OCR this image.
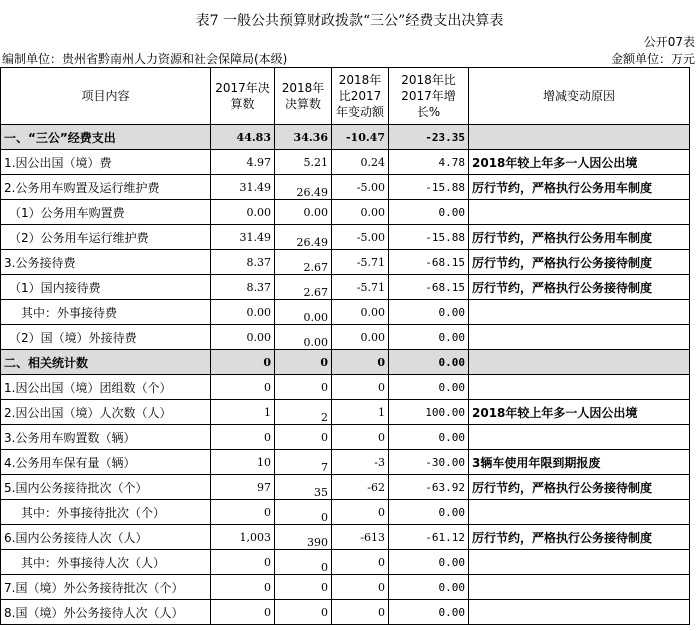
表7 一般公共预算财政拨款“三公”经费支出决算表
公开07表
编制单位：贵州省黔南州人力资源和社会保障局(本级)	金额单位：万元
项目内容	2017年决算数	2018年决算数	2018年比2017年变动额	2018年比2017年增长%	增减变动原因
一、“三公”经费支出	44.83	34.36	-10.47	-23.35	
1.因公出国（境）费	4.97	5.21	0.24	4.78	2018年较上年多一人因公出境
2.公务用车购置及运行维护费	31.49	26.49	-5.00	-15.88	厉行节约，严格执行公务用车制度
（1）公务用车购置费	0.00	0.00	0.00	0.00	
（2）公务用车运行维护费	31.49	26.49	-5.00	-15.88	厉行节约，严格执行公务用车制度
3.公务接待费	8.37	2.67	-5.71	-68.15	厉行节约，严格执行公务接待制度
（1）国内接待费	8.37	2.67	-5.71	-68.15	厉行节约，严格执行公务接待制度
其中：外事接待费	0.00	0.00	0.00	0.00	
（2）国（境）外接待费	0.00	0.00	0.00	0.00	
二、相关统计数	0	0	0	0.00	
1.因公出国（境）团组数（个）	0	0	0	0.00	
2.因公出国（境）人次数（人）	1	2	1	100.00	2018年较上年多一人因公出境
3.公务用车购置数（辆）	0	0	0	0.00	
4.公务用车保有量（辆）	10	7	-3	-30.00	3辆车使用年限到期报废
5.国内公务接待批次（个）	97	35	-62	-63.92	厉行节约，严格执行公务接待制度
其中：外事接待批次（个）	0	0	0	0.00	
6.国内公务接待人次（人）	1,003	390	-613	-61.12	厉行节约，严格执行公务接待制度
其中：外事接待人次（人）	0	0	0	0.00	
7.国（境）外公务接待批次（个）	0	0	0	0.00	
8.国（境）外公务接待人次（人）	0	0	0	0.00	
